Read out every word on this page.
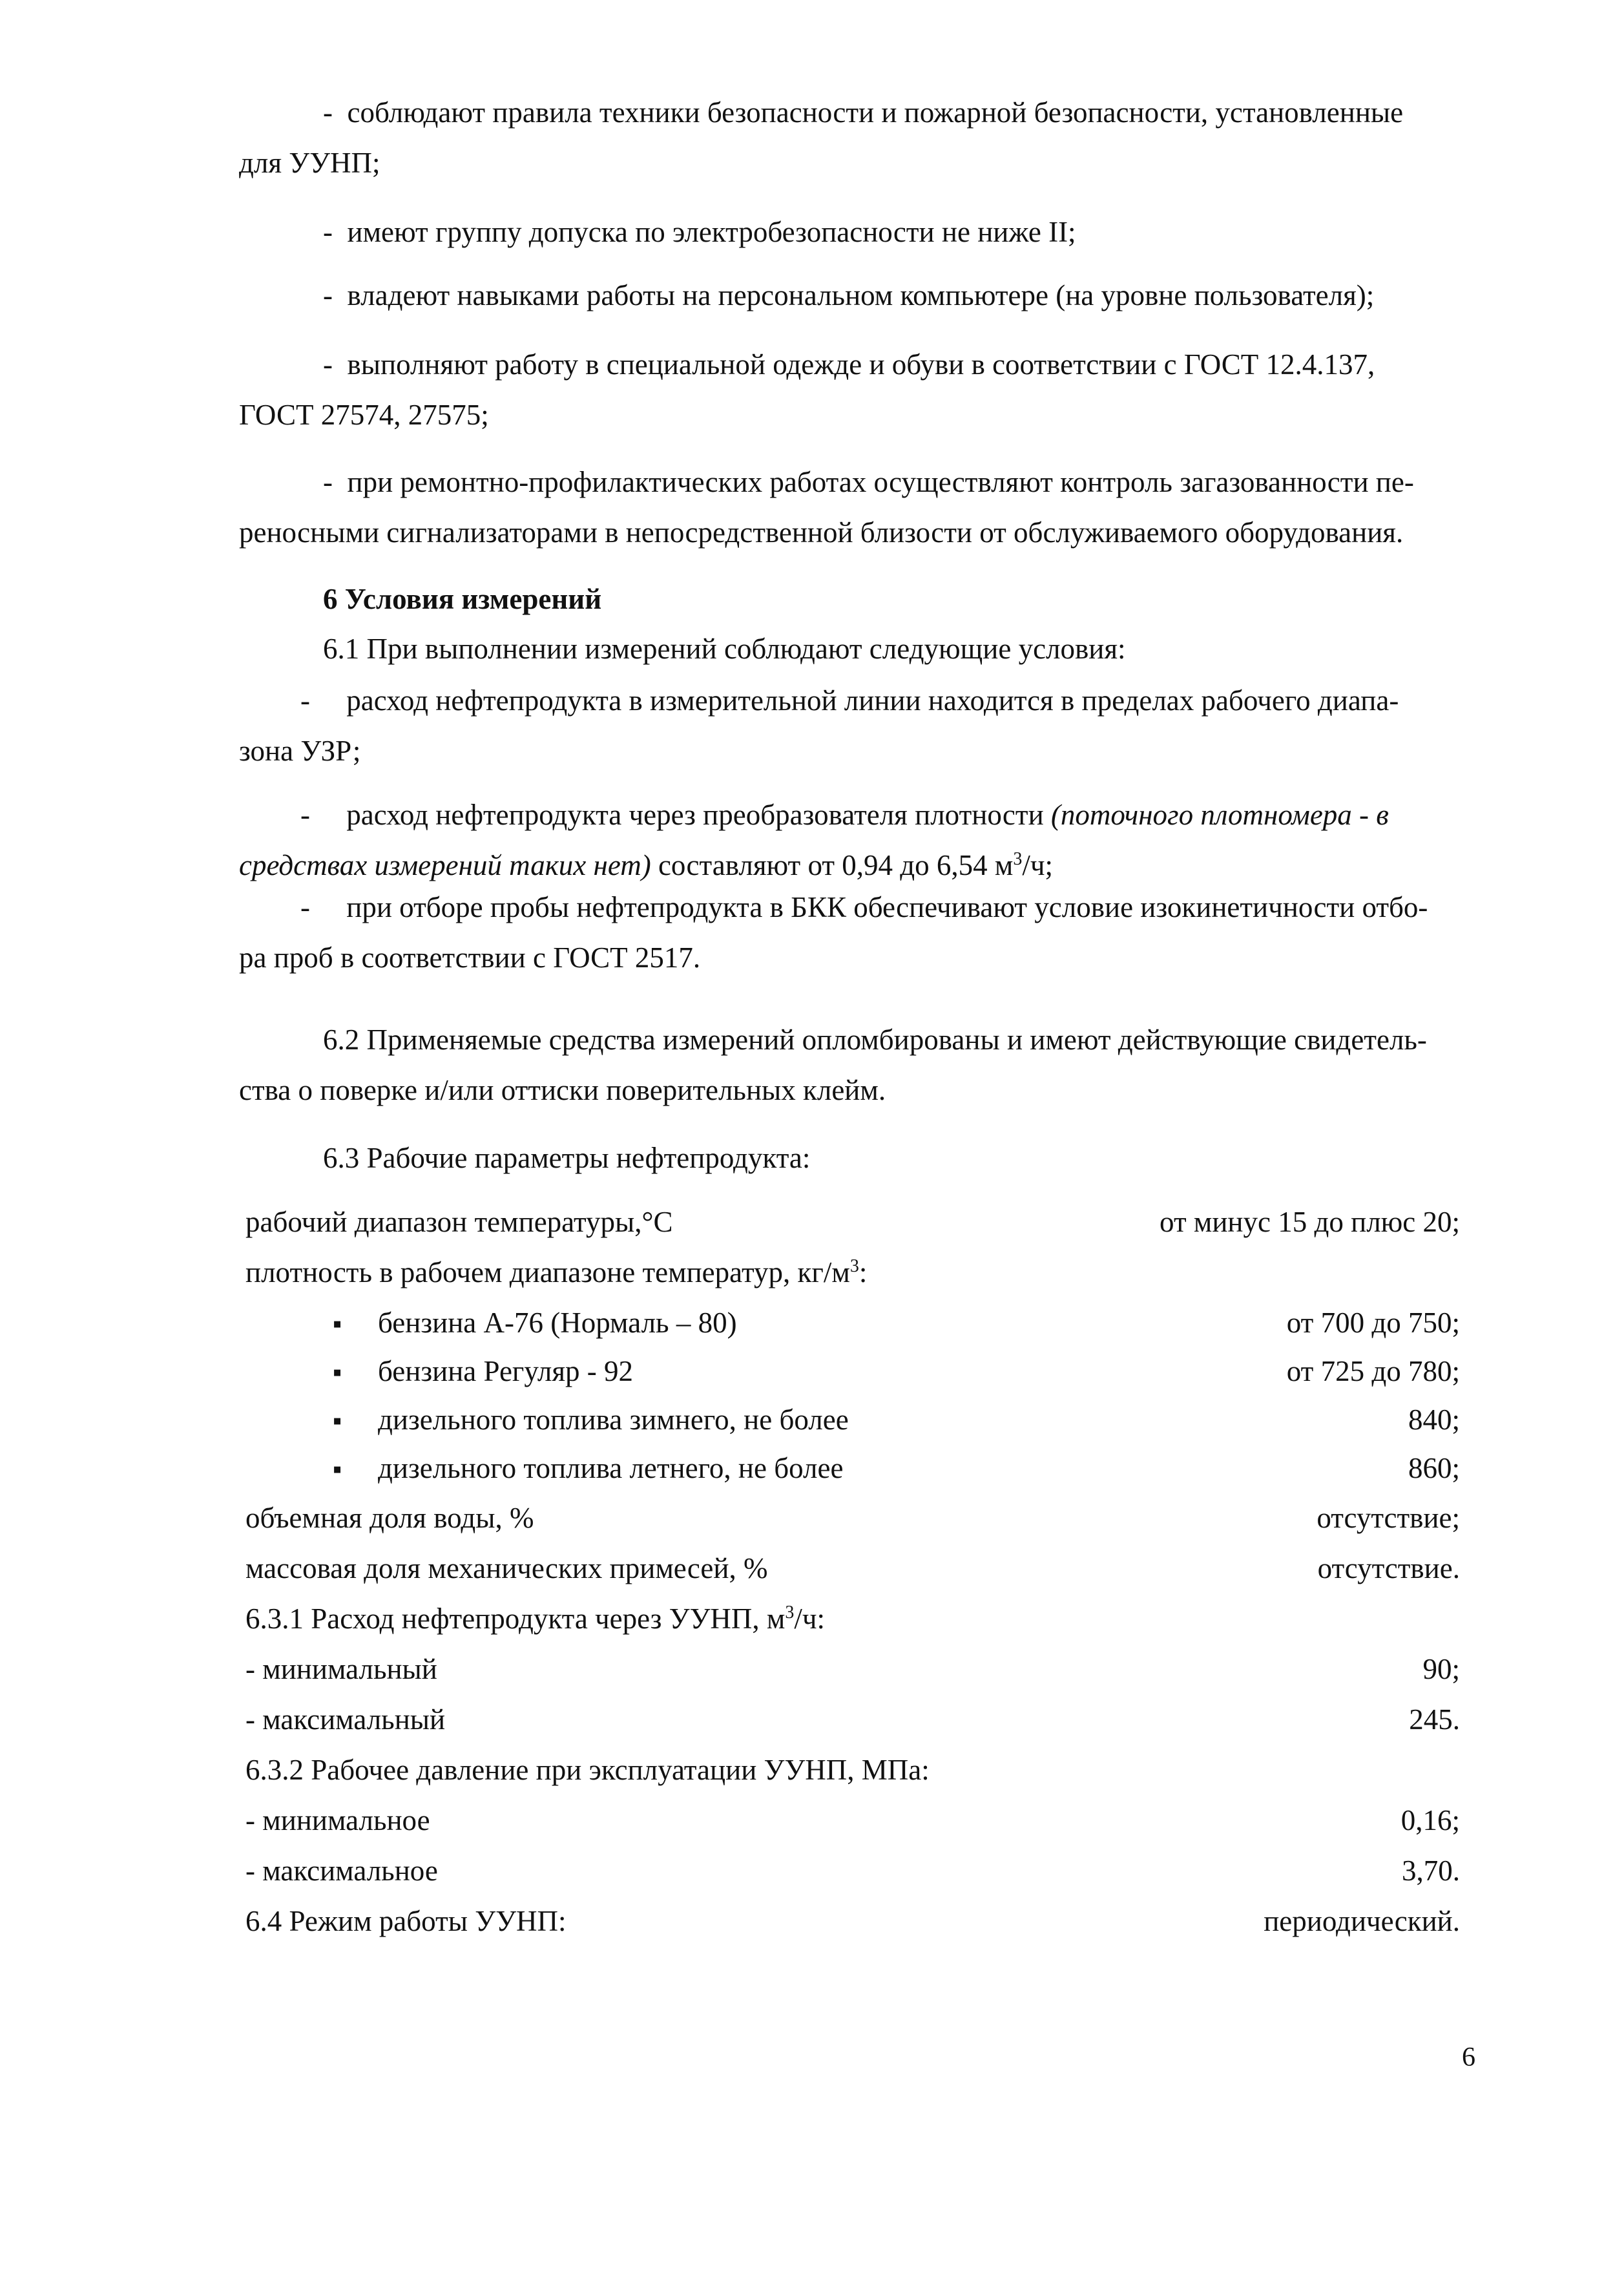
- соблюдают правила техники безопасности и пожарной безопасности, установленные
для УУНП;
- имеют группу допуска по электробезопасности не ниже II;
- владеют навыками работы на персональном компьютере (на уровне пользователя);
- выполняют работу в специальной одежде и обуви в соответствии с ГОСТ 12.4.137,
ГОСТ 27574, 27575;
- при ремонтно-профилактических работах осуществляют контроль загазованности пе-
реносными сигнализаторами в непосредственной близости от обслуживаемого оборудования.
6 Условия измерений
6.1 При выполнении измерений соблюдают следующие условия:
-     расход нефтепродукта в измерительной линии находится в пределах рабочего диапа-
зона УЗР;
-     расход нефтепродукта через преобразователя плотности (поточного плотномера - в
средствах измерений таких нет) составляют от 0,94 до 6,54 $м^3/ч$;
-     при отборе пробы нефтепродукта в БКК обеспечивают условие изокинетичности отбо-
ра проб в соответствии с ГОСТ 2517.
6.2 Применяемые средства измерений опломбированы и имеют действующие свидетель-
ства о поверке и/или оттиски поверительных клейм.
6.3 Рабочие параметры нефтепродукта:
рабочий диапазон температуры,°С	от минус 15 до плюс 20;
плотность в рабочем диапазоне температур, $кг/м^3$:
▪ бензина А-76 (Нормаль – 80)	от 700 до 750;
▪ бензина Регуляр - 92	от 725 до 780;
▪ дизельного топлива зимнего, не более	840;
▪ дизельного топлива летнего, не более	860;
объемная доля воды, %	отсутствие;
массовая доля механических примесей, %	отсутствие.
6.3.1 Расход нефтепродукта через УУНП, $м^3/ч$:
- минимальный	90;
- максимальный	245.
6.3.2 Рабочее давление при эксплуатации УУНП, МПа:
- минимальное	0,16;
- максимальное	3,70.
6.4 Режим работы УУНП:	периодический.
6
